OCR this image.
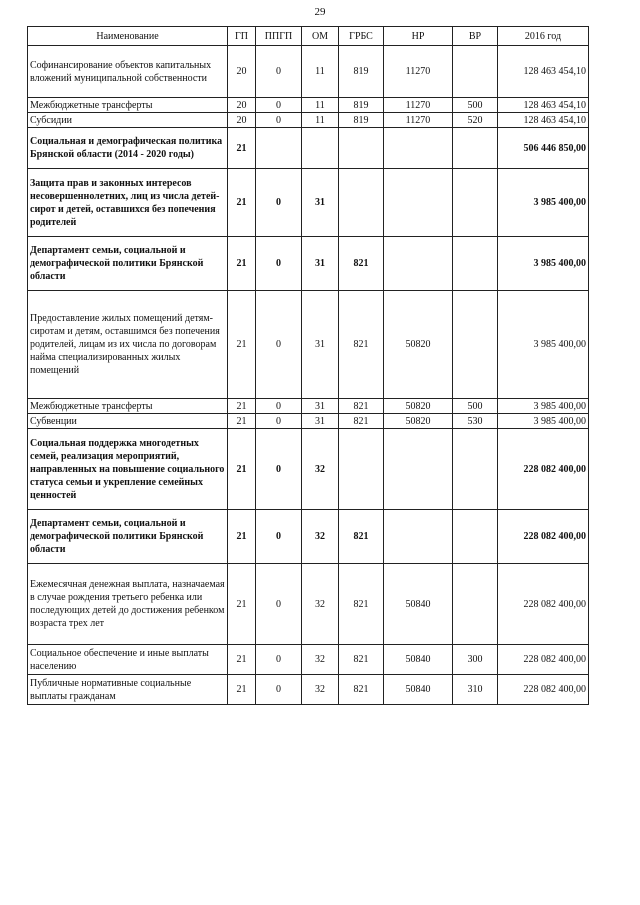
29
Наименование	ГП	ППГП	ОМ	ГРБС	НР	ВР	2016 год
Софинансирование объектов капитальных вложений муниципальной собственности	20	0	11	819	11270		128 463 454,10
Межбюджетные трансферты	20	0	11	819	11270	500	128 463 454,10
Субсидии	20	0	11	819	11270	520	128 463 454,10
Социальная и демографическая политика Брянской области (2014 - 2020 годы)	21						506 446 850,00
Защита прав и законных интересов несовершеннолетних, лиц из числа детей-сирот и детей, оставшихся без попечения родителей	21	0	31				3 985 400,00
Департамент семьи, социальной и демографической политики Брянской области	21	0	31	821			3 985 400,00
Предоставление жилых помещений детям-сиротам и детям, оставшимся без попечения родителей, лицам из их числа по договорам найма специализированных жилых помещений	21	0	31	821	50820		3 985 400,00
Межбюджетные трансферты	21	0	31	821	50820	500	3 985 400,00
Субвенции	21	0	31	821	50820	530	3 985 400,00
Социальная поддержка многодетных семей, реализация мероприятий, направленных на повышение социального статуса семьи и укрепление семейных ценностей	21	0	32				228 082 400,00
Департамент семьи, социальной и демографической политики Брянской области	21	0	32	821			228 082 400,00
Ежемесячная денежная выплата, назначаемая в случае рождения третьего ребенка или последующих детей до достижения ребенком возраста трех лет	21	0	32	821	50840		228 082 400,00
Социальное обеспечение и иные выплаты населению	21	0	32	821	50840	300	228 082 400,00
Публичные нормативные социальные выплаты гражданам	21	0	32	821	50840	310	228 082 400,00
